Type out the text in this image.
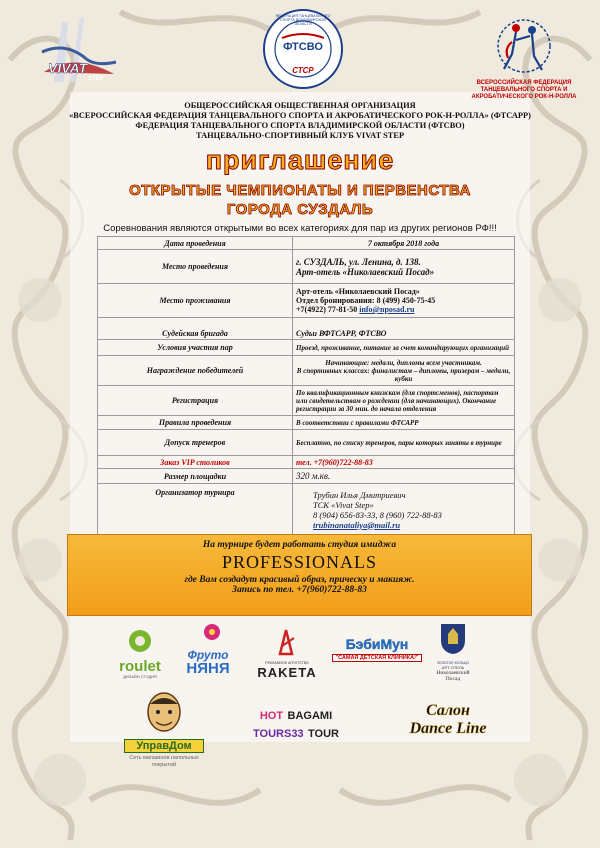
VIVAT
STEP
ФЕДЕРАЦИЯ ТАНЦЕВАЛЬНОГО СПОРТА ВЛАДИМИРСКОЙ ОБЛАСТИ
ФТСВО
СТСР
ВСЕРОССИЙСКАЯ ФЕДЕРАЦИЯ
ТАНЦЕВАЛЬНОГО СПОРТА И
АКРОБАТИЧЕСКОГО РОК-Н-РОЛЛА
ОБЩЕРОССИЙСКАЯ ОБЩЕСТВЕННАЯ ОРГАНИЗАЦИЯ
«ВСЕРОССИЙСКАЯ ФЕДЕРАЦИЯ ТАНЦЕВАЛЬНОГО СПОРТА И АКРОБАТИЧЕСКОГО РОК-Н-РОЛЛА» (ФТСАРР)
ФЕДЕРАЦИЯ ТАНЦЕВАЛЬНОГО СПОРТА ВЛАДИМИРСКОЙ ОБЛАСТИ (ФТСВО)
ТАНЦЕВАЛЬНО-СПОРТИВНЫЙ КЛУБ VIVAT STEP
приглашение
ОТКРЫТЫЕ ЧЕМПИОНАТЫ И ПЕРВЕНСТВА
ГОРОДА СУЗДАЛЬ
Соревнования являются открытыми во всех категориях для пар из других регионов РФ!!!
Дата проведения	7 октября 2018 года
Место проведения	г. СУЗДАЛЬ, ул. Ленина, д. 138.
Арт-отель «Николаевский Посад»

Место проживания	Арт-отель «Николаевский Посад»
Отдел бронирования: 8 (499) 450-75-45
+7(4922) 77-81-50 info@nposad.ru

Судейская бригада	Судьи ВФТСАРР, ФТСВО
Условия участия пар	Проезд, проживание, питание за счет командирующих организаций
Награждение победителей	Начинающие: медали, дипломы всем участникам.
В спортивных классах: финалистам – дипломы, призерам – медали, кубки

Регистрация	По квалификационным книжкам (для спортсменов), паспортам или свидетельствам о рождении (для начинающих). Окончание регистрации за 30 мин. до начала отделения
Правила проведения	В соответствии с правилами ФТСАРР
Допуск тренеров	Бесплатно, по списку тренеров, пары которых заняты в турнире
Заказ VIP столиков	тел. +7(960)722-88-83
Размер площадки	320 м.кв.
Организатор турнира	Трубин Илья Дмитриевич
ТСК «Vivat Step»
8 (904) 656-83-33, 8 (960) 722-88-83
trubinanataliya@mail.ru
На турнире будет работать студия имиджа
PROFESSIONALS
где Вам создадут красивый образ, прическу и макияж.
Запись по тел. +7(960)722-88-83
roulet
ДИЗАЙН СТУДИЯ
Фруто
НЯНЯ	РЕКЛАМНОЕ АГЕНТСТВО
RAKETA
БэбиМун
"САМАЯ ДЕТСКАЯ КЛИНИКА!"
ЗОЛОТОЕ КОЛЬЦО
АРТ-ОТЕЛЬ
Николаевский
Посад
УправДом
Сеть магазинов напольных покрытий
HOT BAGAMI
TOURS33 TOUR
Салон
Dance Line
